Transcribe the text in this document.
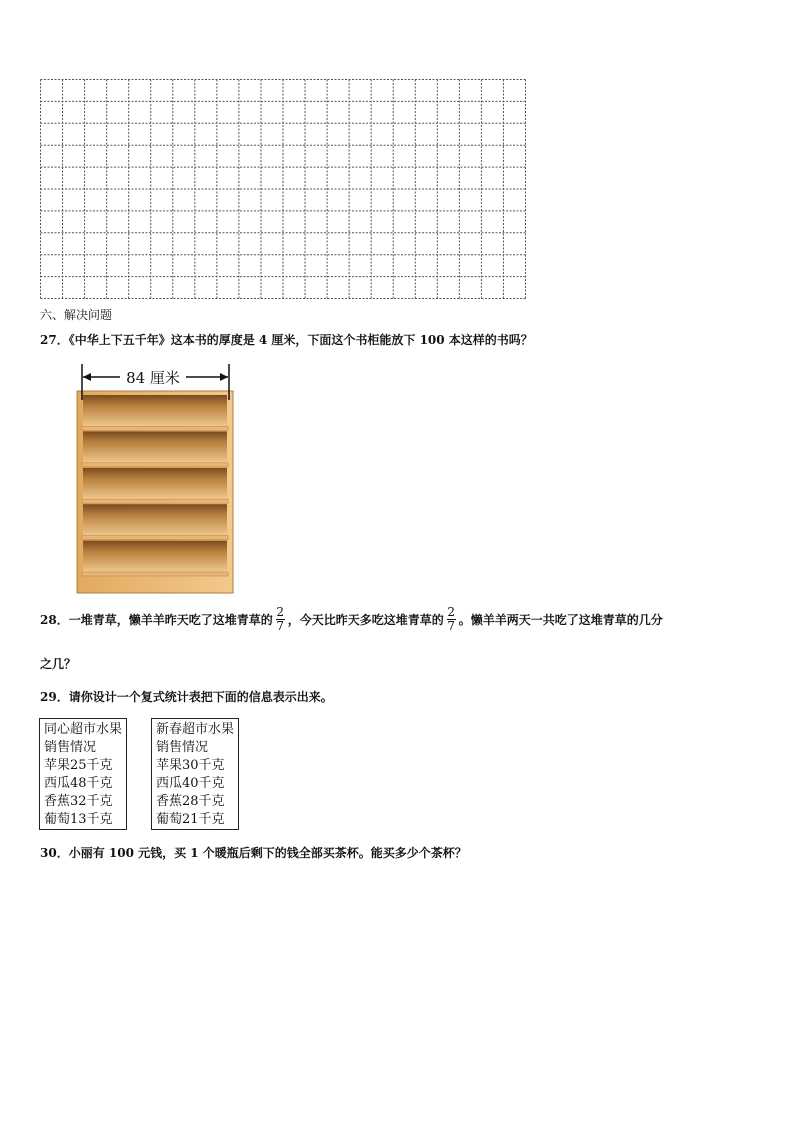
六、解决问题
27．《中华上下五千年》这本书的厚度是 4 厘米，下面这个书柜能放下 100 本这样的书吗？
84 厘米
28．一堆青草，懒羊羊昨天吃了这堆青草的 $\frac{2}{7}$ ，今天比昨天多吃这堆青草的 $\frac{2}{7}$ 。懒羊羊两天一共吃了这堆青草的几分
之几？
29．请你设计一个复式统计表把下面的信息表示出来。
同心超市水果
销售情况
苹果25千克
西瓜48千克
香蕉32千克
葡萄13千克
新春超市水果
销售情况
苹果30千克
西瓜40千克
香蕉28千克
葡萄21千克
30．小丽有 100 元钱，买 1 个暖瓶后剩下的钱全部买茶杯。能买多少个茶杯？
